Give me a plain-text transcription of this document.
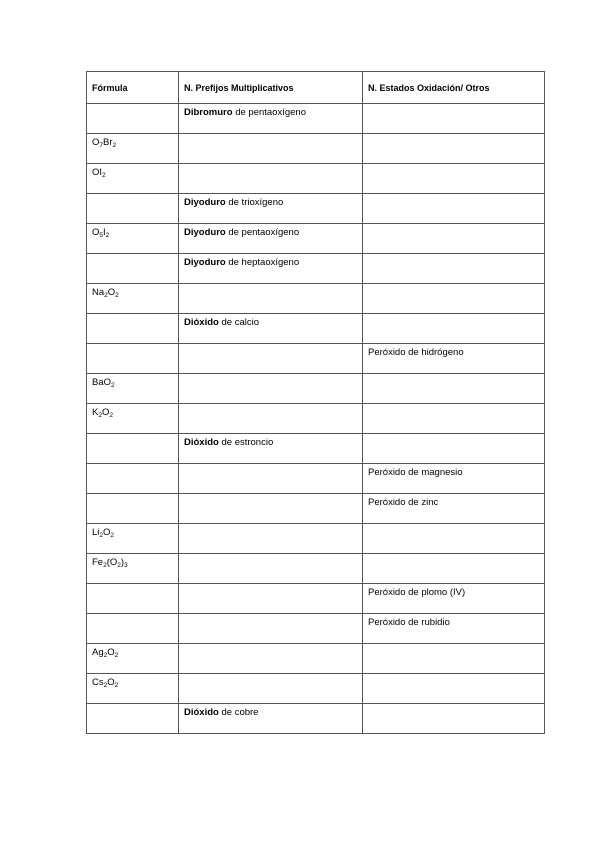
Fórmula	N. Prefijos Multiplicativos	N. Estados Oxidación/ Otros
	Dibromuro de pentaoxígeno	
$O_7Br_2$		
$OI_2$		
	Diyoduro de trioxígeno	
$O_5I_2$	Diyoduro de pentaoxígeno	
	Diyoduro de heptaoxígeno	
$Na_2O_2$		
	Dióxido de calcio	
		Peróxido de hidrógeno
BaO$_2$		
$K_2O_2$		
	Dióxido de estroncio	
		Peróxido de magnesio
		Peróxido de zinc
$Li_2O_2$		
$Fe_2(O_2)_3$		
		Peróxido de plomo (IV)
		Peróxido de rubidio
$Ag_2O_2$		
$Cs_2O_2$		
	Dióxido de cobre	
